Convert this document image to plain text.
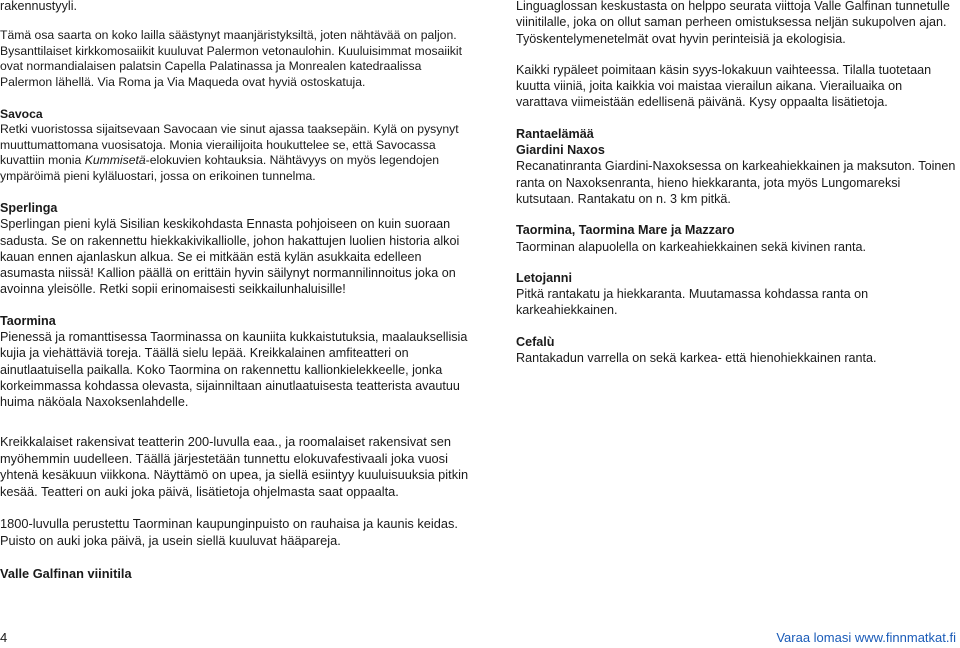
rakennustyyli.

Tämä osa saarta on koko lailla säästynyt maanjäristyksiltä, joten nähtävää on paljon. Bysanttilaiset kirkkomosaiikit kuuluvat Palermon vetonaulohin. Kuuluisimmat mosaiikit ovat normandialaisen palatsin Capella Palatinassa ja Monrealen katedraalissa Palermon lähellä. Via Roma ja Via Maqueda ovat hyviä ostoskatuja.

Savoca

Retki vuoristossa sijaitsevaan Savocaan vie sinut ajassa taaksepäin. Kylä on pysynyt muuttumattomana vuosisatoja. Monia vierailijoita houkuttelee se, että Savocassa kuvattiin monia Kummisetä-elokuvien kohtauksia. Nähtävyys on myös legendojen ympäröimä pieni kyläluostari, jossa on erikoinen tunnelma.

Sperlinga

Sperlingan pieni kylä Sisilian keskikohdasta Ennasta pohjoiseen on kuin suoraan sadusta. Se on rakennettu hiekkakivikalliolle, johon hakattujen luolien historia alkoi kauan ennen ajanlaskun alkua. Se ei mitkään estä kylän asukkaita edelleen asumasta niissä! Kallion päällä on erittäin hyvin säilynyt normannilinnoitus joka on avoinna yleisölle. Retki sopii erinomaisesti seikkailunhaluisille!

Taormina

Pienessä ja romanttisessa Taorminassa on kauniita kukkaistutuksia, maalauksellisia kujia ja viehättäviä toreja. Täällä sielu lepää. Kreikkalainen amfiteatteri on ainutlaatuisella paikalla. Koko Taormina on rakennettu kallionkielekkeelle, jonka korkeimmassa kohdassa olevasta, sijainniltaan ainutlaatuisesta teatterista avautuu huima näköala Naxoksenlahdelle.

Kreikkalaiset rakensivat teatterin 200-luvulla eaa., ja roomalaiset rakensivat sen myöhemmin uudelleen. Täällä järjestetään tunnettu elokuvafestivaali joka vuosi yhtenä kesäkuun viikkona. Näyttämö on upea, ja siellä esiintyy kuuluisuuksia pitkin kesää. Teatteri on auki joka päivä, lisätietoja ohjelmasta saat oppaalta.

1800-luvulla perustettu Taorminan kaupunginpuisto on rauhaisa ja kaunis keidas. Puisto on auki joka päivä, ja usein siellä kuuluvat hääpareja.

Valle Galfinan viinitila

Linguaglossan keskustasta on helppo seurata viittoja Valle Galfinan tunnetulle viinitilalle, joka on ollut saman perheen omistuksessa neljän sukupolven ajan. Työskentelymenetelmät ovat hyvin perinteisiä ja ekologisia.

Kaikki rypäleet poimitaan käsin syys-lokakuun vaihteessa. Tilalla tuotetaan kuutta viiniä, joita kaikkia voi maistaa vierailun aikana. Vierailuaika on varattava viimeistään edellisenä päivänä. Kysy oppaalta lisätietoja.

Rantaelämää

Giardini Naxos

Recanatinranta Giardini-Naxoksessa on karkeahiekkainen ja maksuton. Toinen ranta on Naxoksenranta, hieno hiekkaranta, jota myös Lungomareksi kutsutaan. Rantakatu on n. 3 km pitkä.

Taormina, Taormina Mare ja Mazzaro

Taorminan alapuolella on karkeahiekkainen sekä kivinen ranta.

Letojanni

Pitkä rantakatu ja hiekkaranta. Muutamassa kohdassa ranta on karkeahiekkainen.

Cefalù

Rantakadun varrella on sekä karkea- että hienohiekkainen ranta.

4	Varaa lomasi www.finnmatkat.fi
